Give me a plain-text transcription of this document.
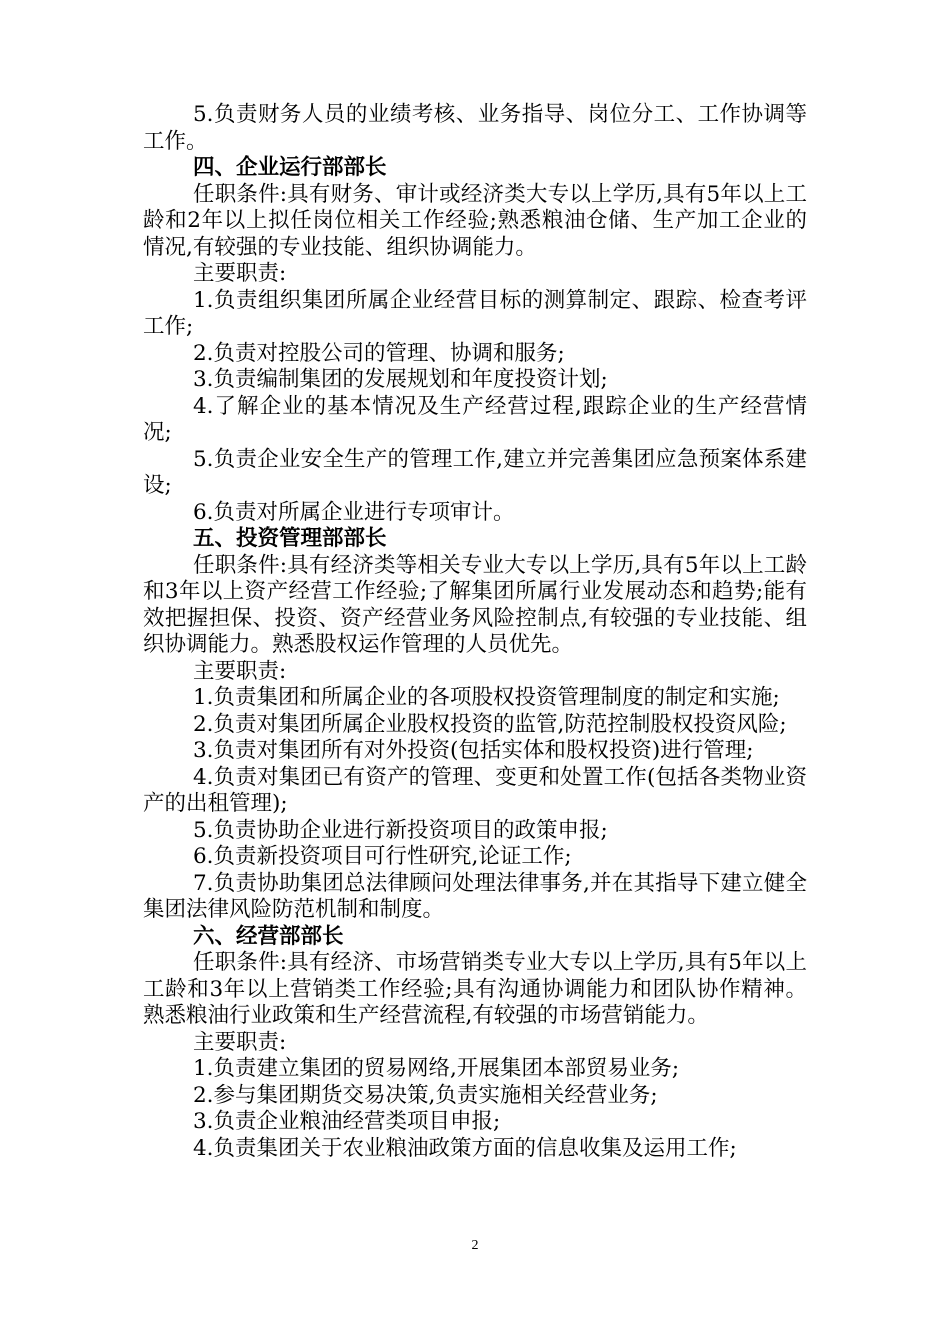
5.负责财务人员的业绩考核、业务指导、岗位分工、工作协调等工作。

四、企业运行部部长

任职条件:具有财务、审计或经济类大专以上学历,具有5年以上工龄和2年以上拟任岗位相关工作经验;熟悉粮油仓储、生产加工企业的情况,有较强的专业技能、组织协调能力。

主要职责:

1.负责组织集团所属企业经营目标的测算制定、跟踪、检查考评工作;

2.负责对控股公司的管理、协调和服务;

3.负责编制集团的发展规划和年度投资计划;

4.了解企业的基本情况及生产经营过程,跟踪企业的生产经营情况;

5.负责企业安全生产的管理工作,建立并完善集团应急预案体系建设;

6.负责对所属企业进行专项审计。

五、投资管理部部长

任职条件:具有经济类等相关专业大专以上学历,具有5年以上工龄和3年以上资产经营工作经验;了解集团所属行业发展动态和趋势;能有效把握担保、投资、资产经营业务风险控制点,有较强的专业技能、组织协调能力。熟悉股权运作管理的人员优先。

主要职责:

1.负责集团和所属企业的各项股权投资管理制度的制定和实施;

2.负责对集团所属企业股权投资的监管,防范控制股权投资风险;

3.负责对集团所有对外投资(包括实体和股权投资)进行管理;

4.负责对集团已有资产的管理、变更和处置工作(包括各类物业资产的出租管理);

5.负责协助企业进行新投资项目的政策申报;

6.负责新投资项目可行性研究,论证工作;

7.负责协助集团总法律顾问处理法律事务,并在其指导下建立健全集团法律风险防范机制和制度。

六、经营部部长

任职条件:具有经济、市场营销类专业大专以上学历,具有5年以上工龄和3年以上营销类工作经验;具有沟通协调能力和团队协作精神。熟悉粮油行业政策和生产经营流程,有较强的市场营销能力。

主要职责:

1.负责建立集团的贸易网络,开展集团本部贸易业务;

2.参与集团期货交易决策,负责实施相关经营业务;

3.负责企业粮油经营类项目申报;

4.负责集团关于农业粮油政策方面的信息收集及运用工作;

2
